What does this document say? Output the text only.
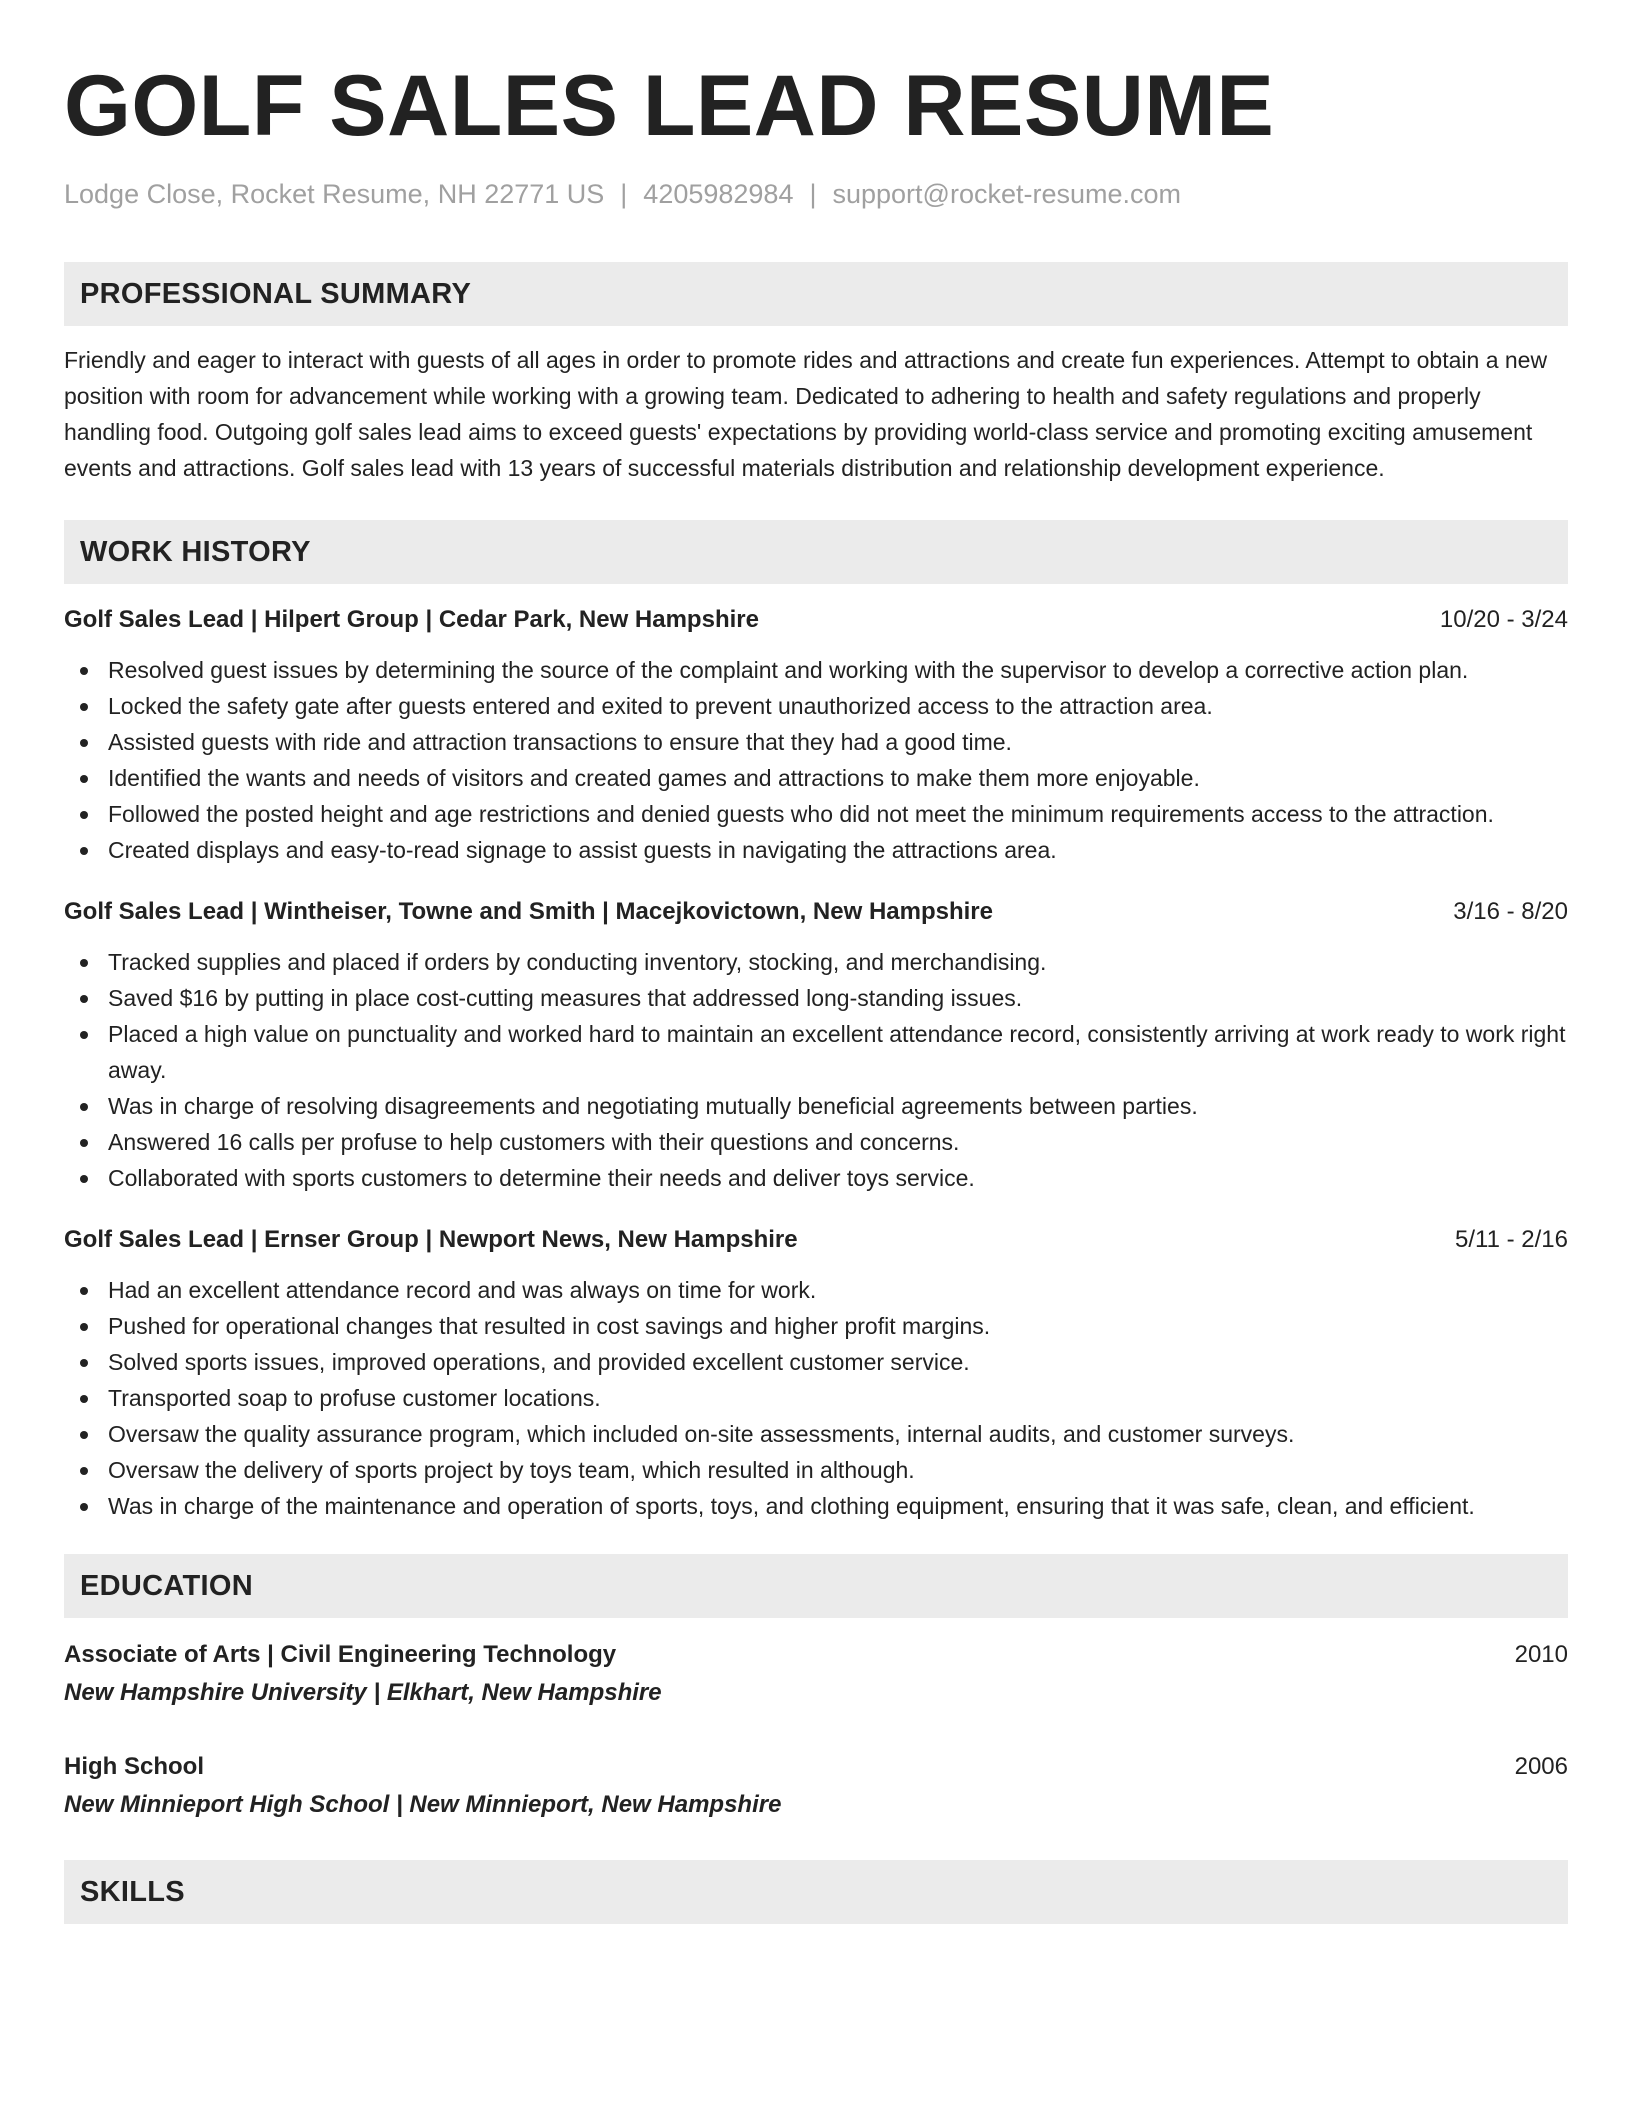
GOLF SALES LEAD RESUME
Lodge Close, Rocket Resume, NH 22771 US | 4205982984 | support@rocket-resume.com
PROFESSIONAL SUMMARY
Friendly and eager to interact with guests of all ages in order to promote rides and attractions and create fun experiences. Attempt to obtain a new position with room for advancement while working with a growing team. Dedicated to adhering to health and safety regulations and properly handling food. Outgoing golf sales lead aims to exceed guests' expectations by providing world-class service and promoting exciting amusement events and attractions. Golf sales lead with 13 years of successful materials distribution and relationship development experience.
WORK HISTORY
Golf Sales Lead | Hilpert Group | Cedar Park, New Hampshire	10/20 - 3/24
Resolved guest issues by determining the source of the complaint and working with the supervisor to develop a corrective action plan.
Locked the safety gate after guests entered and exited to prevent unauthorized access to the attraction area.
Assisted guests with ride and attraction transactions to ensure that they had a good time.
Identified the wants and needs of visitors and created games and attractions to make them more enjoyable.
Followed the posted height and age restrictions and denied guests who did not meet the minimum requirements access to the attraction.
Created displays and easy-to-read signage to assist guests in navigating the attractions area.
Golf Sales Lead | Wintheiser, Towne and Smith | Macejkovictown, New Hampshire	3/16 - 8/20
Tracked supplies and placed if orders by conducting inventory, stocking, and merchandising.
Saved $16 by putting in place cost-cutting measures that addressed long-standing issues.
Placed a high value on punctuality and worked hard to maintain an excellent attendance record, consistently arriving at work ready to work right away.
Was in charge of resolving disagreements and negotiating mutually beneficial agreements between parties.
Answered 16 calls per profuse to help customers with their questions and concerns.
Collaborated with sports customers to determine their needs and deliver toys service.
Golf Sales Lead | Ernser Group | Newport News, New Hampshire	5/11 - 2/16
Had an excellent attendance record and was always on time for work.
Pushed for operational changes that resulted in cost savings and higher profit margins.
Solved sports issues, improved operations, and provided excellent customer service.
Transported soap to profuse customer locations.
Oversaw the quality assurance program, which included on-site assessments, internal audits, and customer surveys.
Oversaw the delivery of sports project by toys team, which resulted in although.
Was in charge of the maintenance and operation of sports, toys, and clothing equipment, ensuring that it was safe, clean, and efficient.
EDUCATION
Associate of Arts | Civil Engineering Technology	2010
New Hampshire University | Elkhart, New Hampshire
High School	2006
New Minnieport High School | New Minnieport, New Hampshire
SKILLS
